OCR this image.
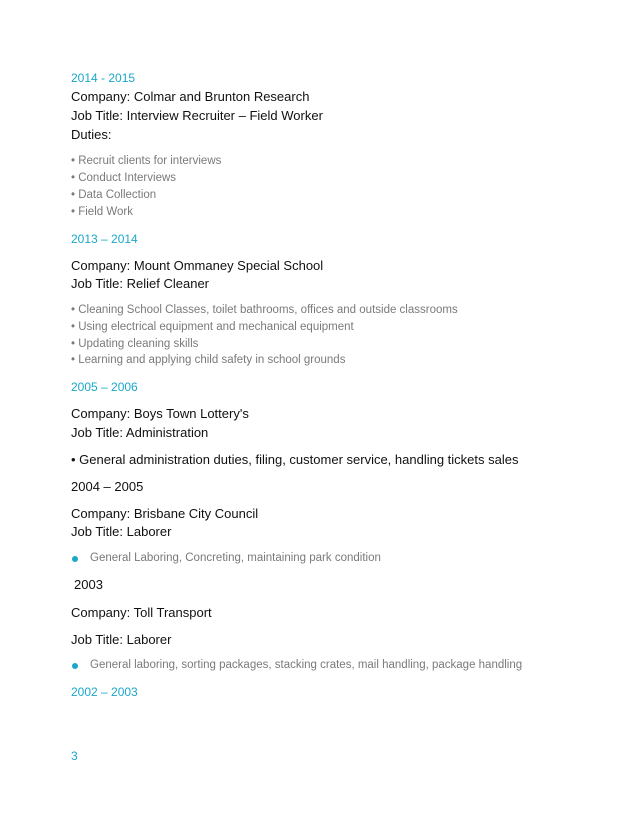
2014 - 2015

Company: Colmar and Brunton Research

Job Title: Interview Recruiter – Field Worker

Duties:

• Recruit clients for interviews

• Conduct Interviews

• Data Collection

• Field Work

2013 – 2014

Company: Mount Ommaney Special School

Job Title: Relief Cleaner

• Cleaning School Classes, toilet bathrooms, offices and outside classrooms

• Using electrical equipment and mechanical equipment

• Updating cleaning skills

• Learning and applying child safety in school grounds

2005 – 2006

Company: Boys Town Lottery's

Job Title: Administration

• General administration duties, filing, customer service, handling tickets sales

2004 – 2005

Company: Brisbane City Council

Job Title: Laborer

General Laboring, Concreting, maintaining park condition

2003

Company: Toll Transport

Job Title: Laborer

General laboring, sorting packages, stacking crates, mail handling, package handling

2002 – 2003

3
